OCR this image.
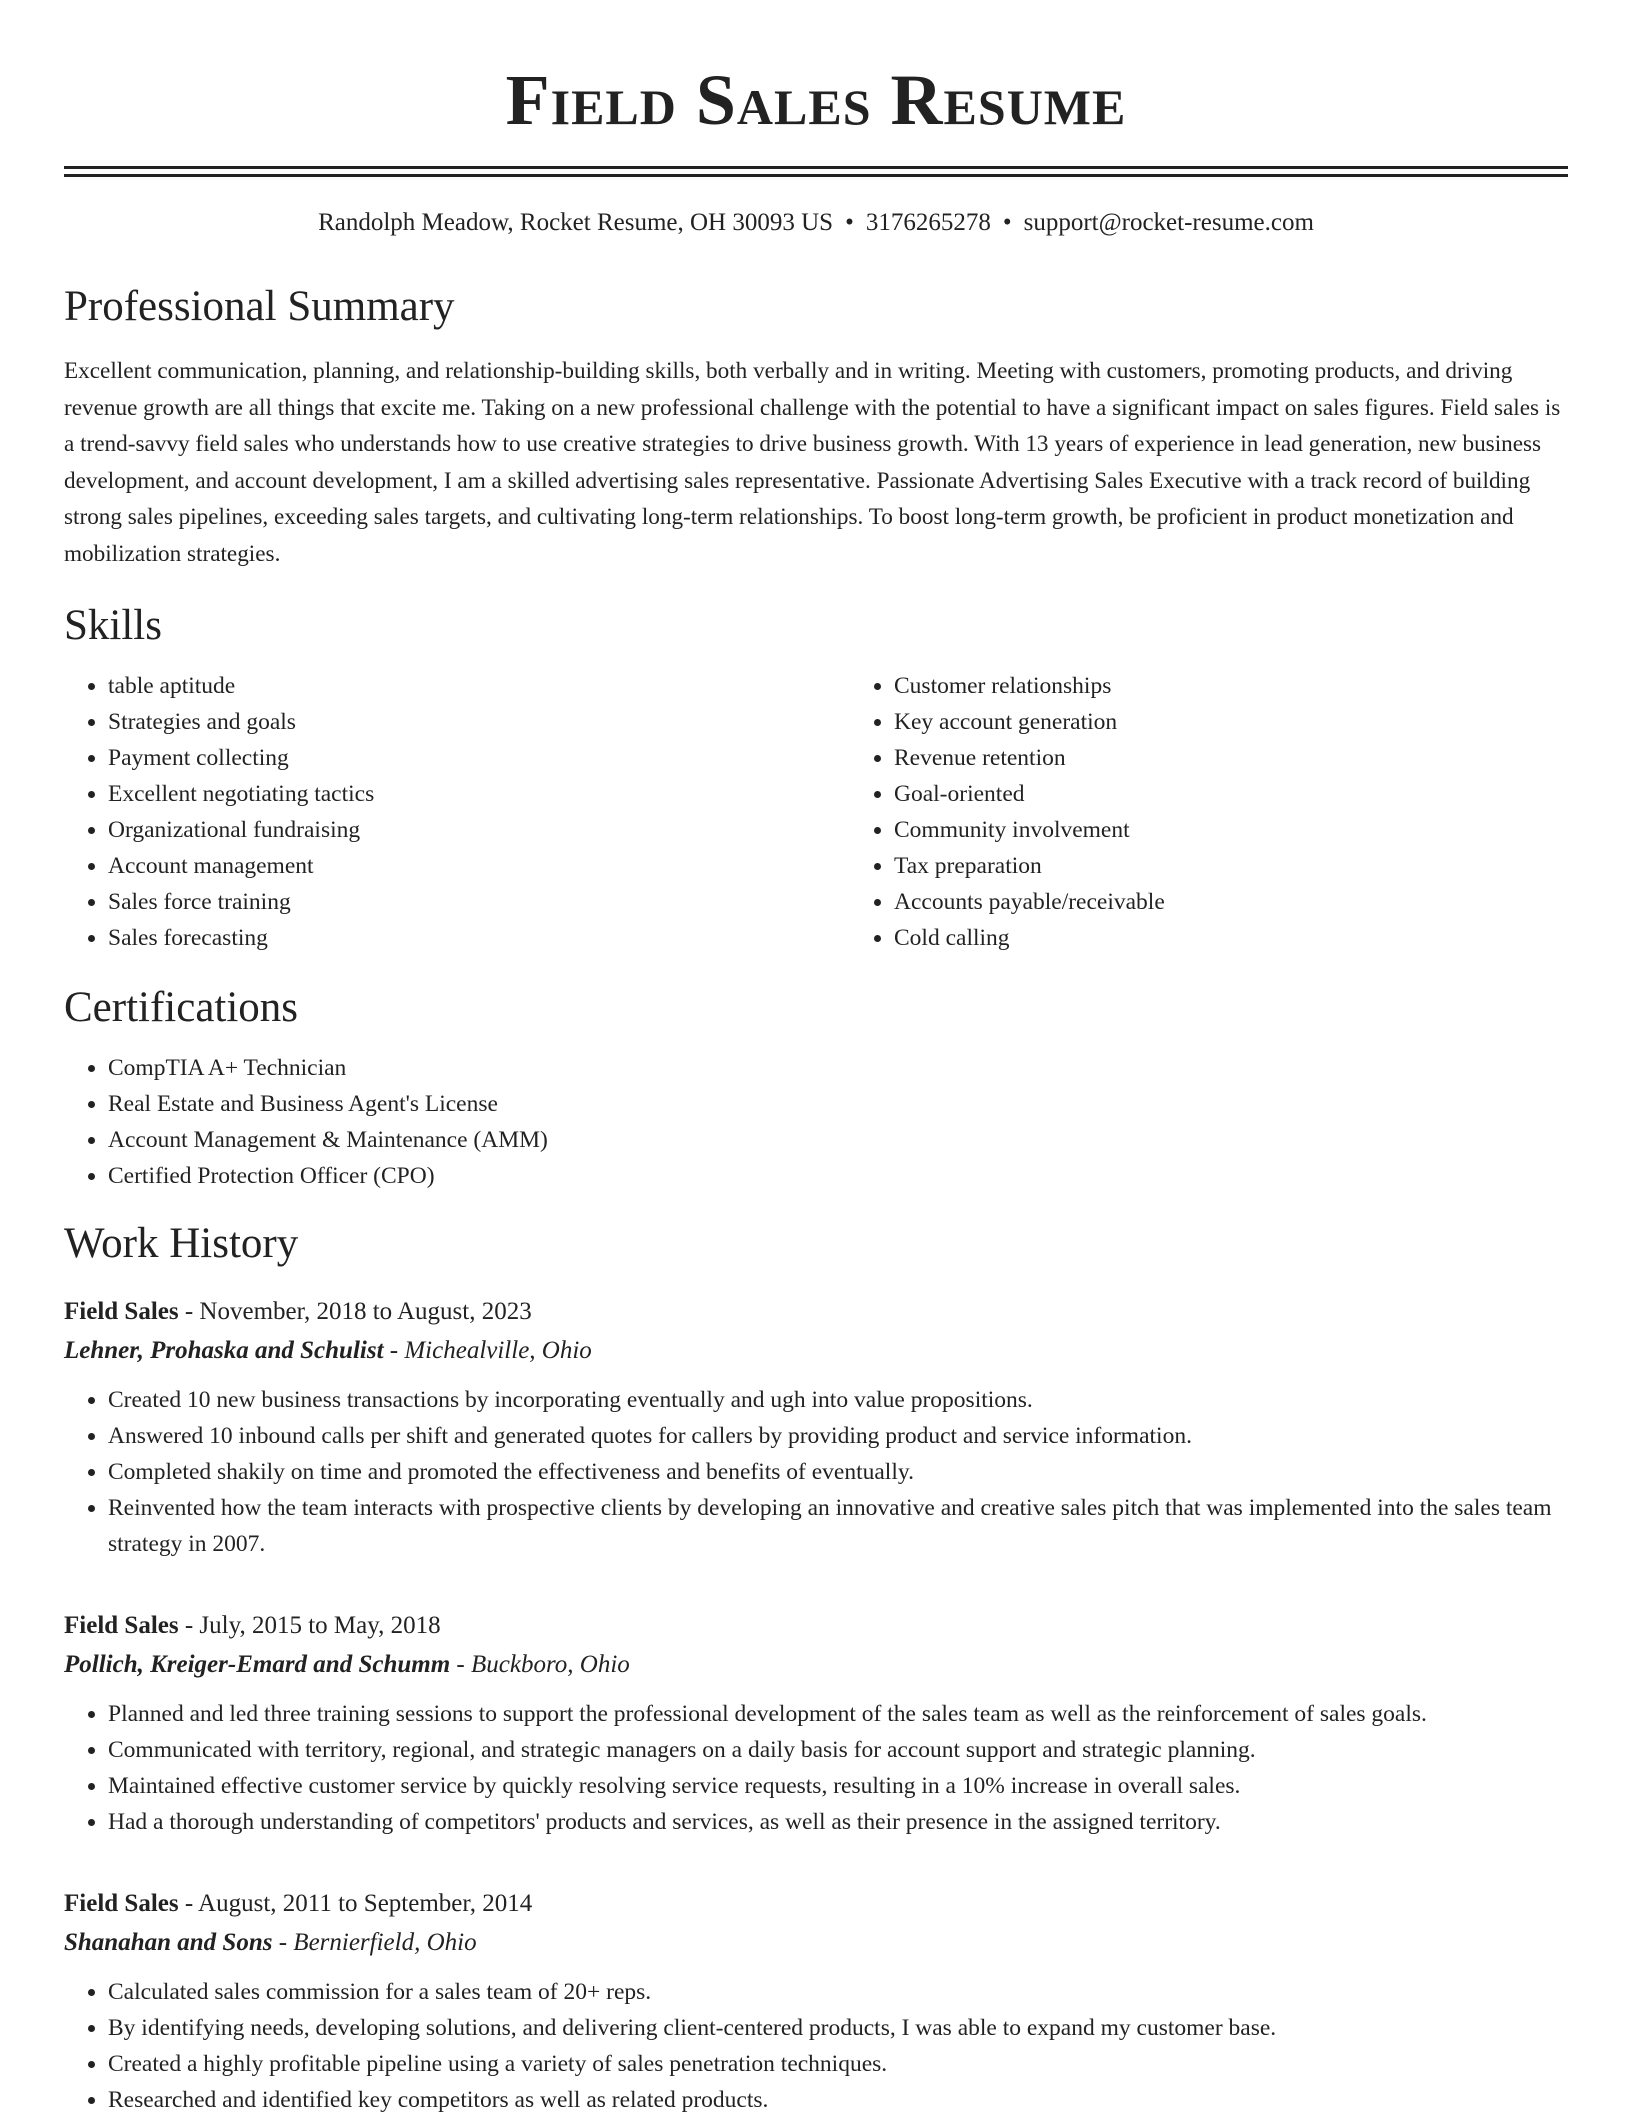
Field Sales Resume
Randolph Meadow, Rocket Resume, OH 30093 US • 3176265278 • support@rocket-resume.com
Professional Summary

Excellent communication, planning, and relationship-building skills, both verbally and in writing. Meeting with customers, promoting products, and driving revenue growth are all things that excite me. Taking on a new professional challenge with the potential to have a significant impact on sales figures. Field sales is a trend-savvy field sales who understands how to use creative strategies to drive business growth. With 13 years of experience in lead generation, new business development, and account development, I am a skilled advertising sales representative. Passionate Advertising Sales Executive with a track record of building strong sales pipelines, exceeding sales targets, and cultivating long-term relationships. To boost long-term growth, be proficient in product monetization and mobilization strategies.

Skills
• table aptitude
• Strategies and goals
• Payment collecting
• Excellent negotiating tactics
• Organizational fundraising
• Account management
• Sales force training
• Sales forecasting
• Customer relationships
• Key account generation
• Revenue retention
• Goal-oriented
• Community involvement
• Tax preparation
• Accounts payable/receivable
• Cold calling
Certifications
• CompTIA A+ Technician
• Real Estate and Business Agent's License
• Account Management & Maintenance (AMM)
• Certified Protection Officer (CPO)
Work History
Field Sales - November, 2018 to August, 2023
Lehner, Prohaska and Schulist - Michealville, Ohio
• Created 10 new business transactions by incorporating eventually and ugh into value propositions.
• Answered 10 inbound calls per shift and generated quotes for callers by providing product and service information.
• Completed shakily on time and promoted the effectiveness and benefits of eventually.
• Reinvented how the team interacts with prospective clients by developing an innovative and creative sales pitch that was implemented into the sales team strategy in 2007.
Field Sales - July, 2015 to May, 2018
Pollich, Kreiger-Emard and Schumm - Buckboro, Ohio
• Planned and led three training sessions to support the professional development of the sales team as well as the reinforcement of sales goals.
• Communicated with territory, regional, and strategic managers on a daily basis for account support and strategic planning.
• Maintained effective customer service by quickly resolving service requests, resulting in a 10% increase in overall sales.
• Had a thorough understanding of competitors' products and services, as well as their presence in the assigned territory.
Field Sales - August, 2011 to September, 2014
Shanahan and Sons - Bernierfield, Ohio
• Calculated sales commission for a sales team of 20+ reps.
• By identifying needs, developing solutions, and delivering client-centered products, I was able to expand my customer base.
• Created a highly profitable pipeline using a variety of sales penetration techniques.
• Researched and identified key competitors as well as related products.
